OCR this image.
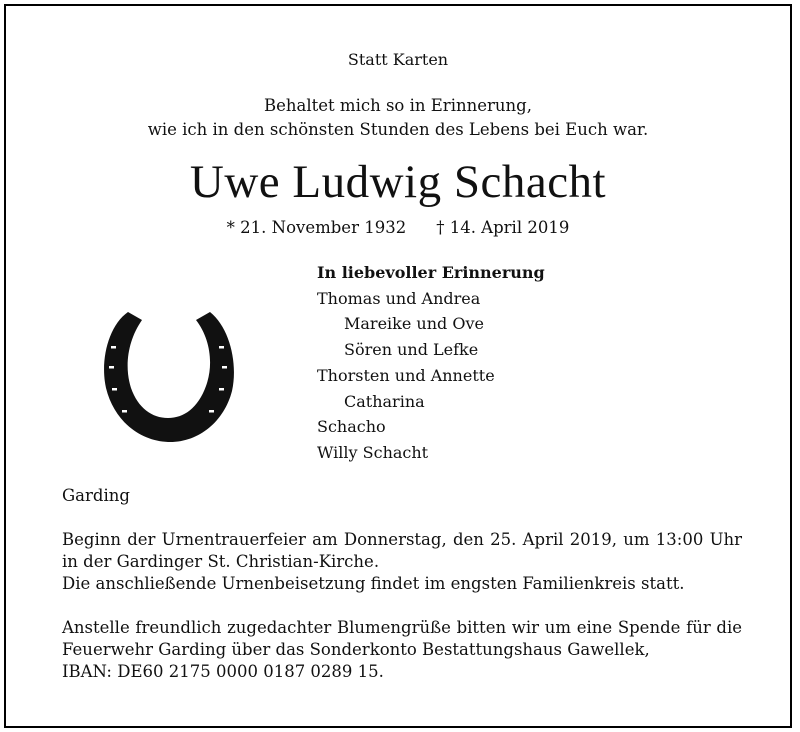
Statt Karten
Behaltet mich so in Erinnerung,
wie ich in den schönsten Stunden des Lebens bei Euch war.
Uwe Ludwig Schacht
* 21. November 1932 † 14. April 2019
In liebevoller Erinnerung
Thomas und Andrea
Mareike und Ove
Sören und Lefke
Thorsten und Annette
Catharina
Schacho
Willy Schacht
Garding
Beginn der Urnentrauerfeier am Donnerstag, den 25. April 2019, um 13:00 Uhr in der Gardinger St. Christian-Kirche.
Die anschließende Urnenbeisetzung findet im engsten Familienkreis statt.
Anstelle freundlich zugedachter Blumengrüße bitten wir um eine Spende für die Feuerwehr Garding über das Sonderkonto Bestattungshaus Gawellek,
IBAN: DE60 2175 0000 0187 0289 15.
